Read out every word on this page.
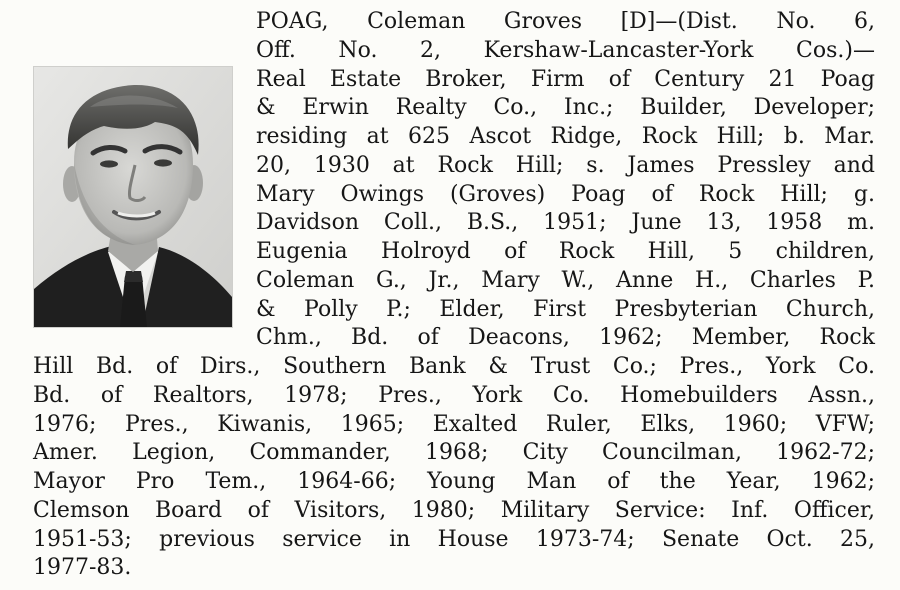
POAG, Coleman Groves [D]—(Dist. No. 6,
Off. No. 2, Kershaw-Lancaster-York Cos.)—
Real Estate Broker, Firm of Century 21 Poag
& Erwin Realty Co., Inc.; Builder, Developer;
residing at 625 Ascot Ridge, Rock Hill; b. Mar.
20, 1930 at Rock Hill; s. James Pressley and
Mary Owings (Groves) Poag of Rock Hill; g.
Davidson Coll., B.S., 1951; June 13, 1958 m.
Eugenia Holroyd of Rock Hill, 5 children,
Coleman G., Jr., Mary W., Anne H., Charles P.
& Polly P.; Elder, First Presbyterian Church,
Chm., Bd. of Deacons, 1962; Member, Rock
Hill Bd. of Dirs., Southern Bank & Trust Co.; Pres., York Co.
Bd. of Realtors, 1978; Pres., York Co. Homebuilders Assn.,
1976; Pres., Kiwanis, 1965; Exalted Ruler, Elks, 1960; VFW;
Amer. Legion, Commander, 1968; City Councilman, 1962-72;
Mayor Pro Tem., 1964-66; Young Man of the Year, 1962;
Clemson Board of Visitors, 1980; Military Service: Inf. Officer,
1951-53; previous service in House 1973-74; Senate Oct. 25,
1977-83.
